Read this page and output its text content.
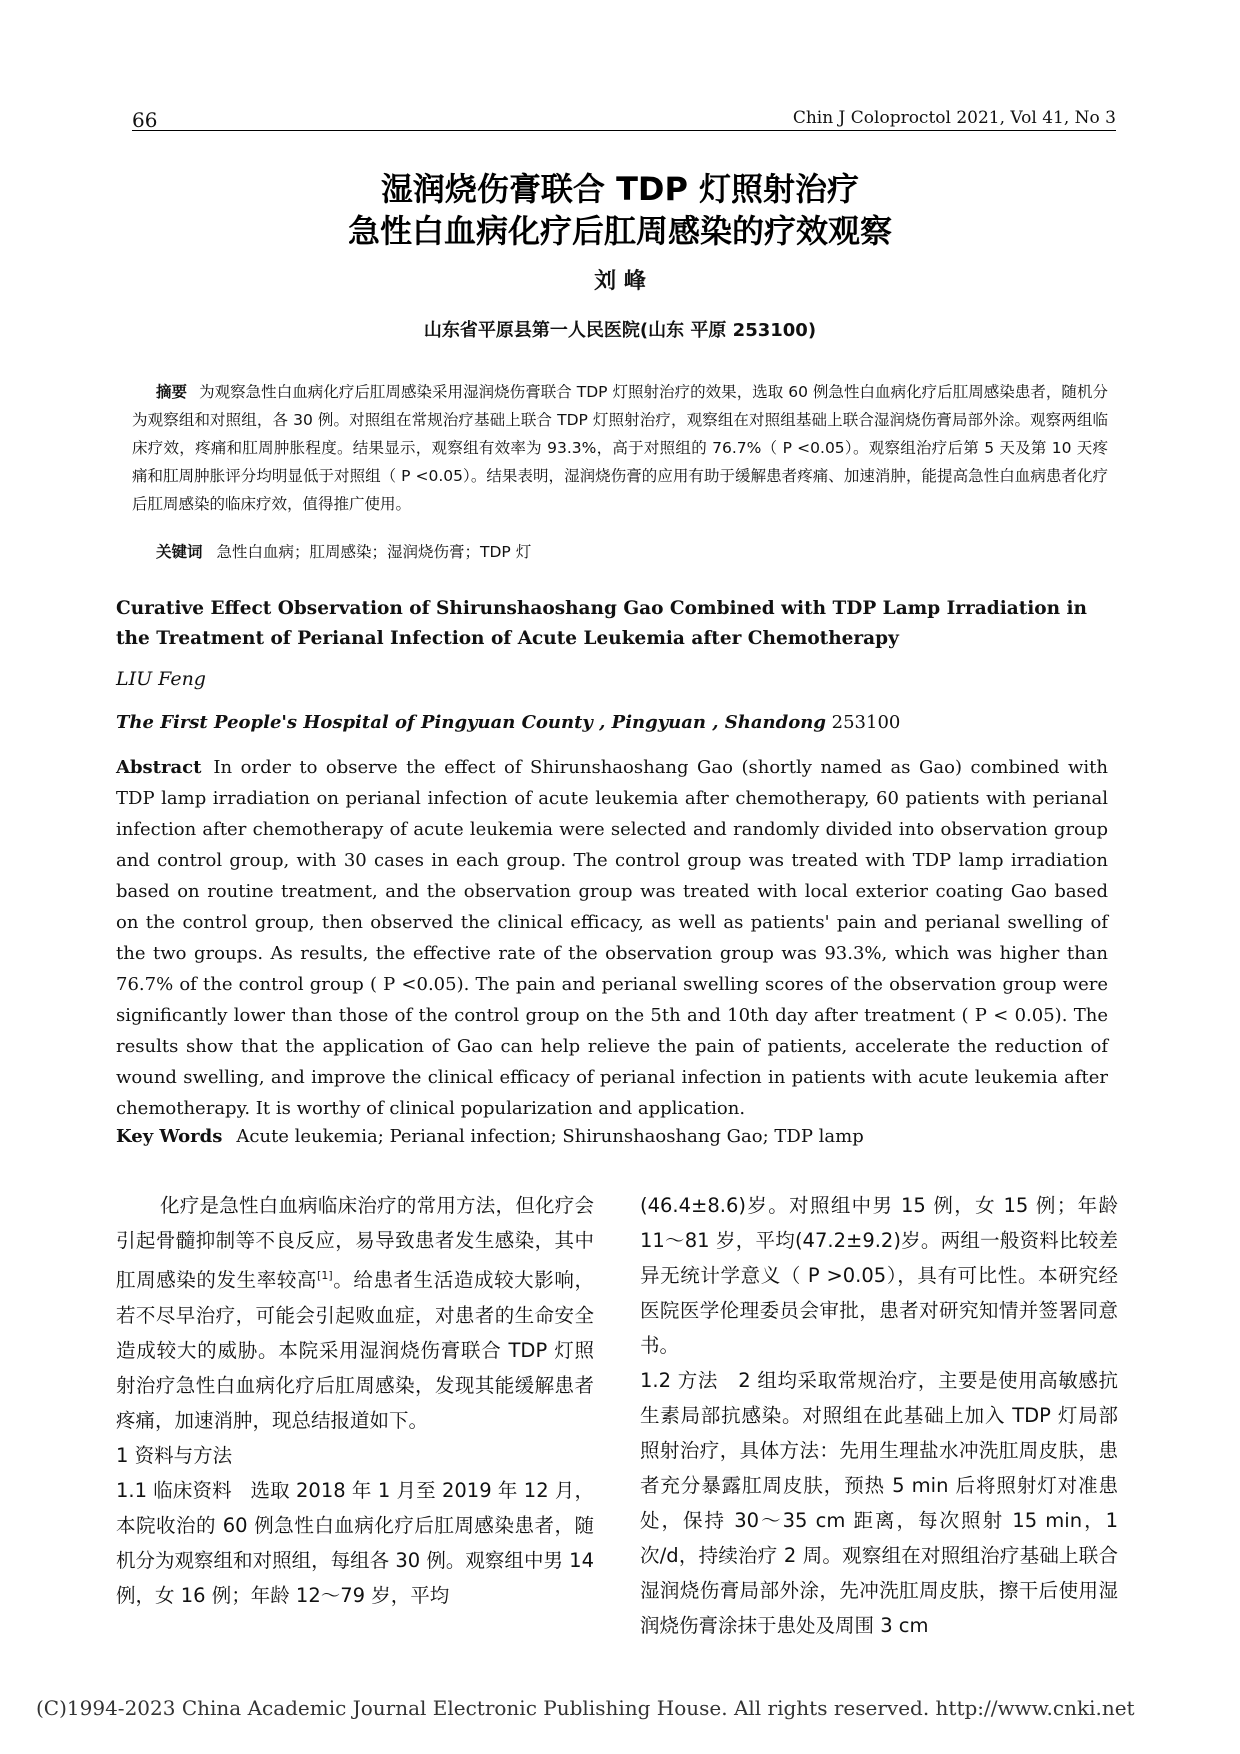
66	Chin J Coloproctol 2021, Vol 41, No 3
湿润烧伤膏联合 TDP 灯照射治疗
急性白血病化疗后肛周感染的疗效观察
刘 峰
山东省平原县第一人民医院(山东 平原 253100)
摘要 为观察急性白血病化疗后肛周感染采用湿润烧伤膏联合 TDP 灯照射治疗的效果，选取 60 例急性白血病化疗后肛周感染患者，随机分为观察组和对照组，各 30 例。对照组在常规治疗基础上联合 TDP 灯照射治疗，观察组在对照组基础上联合湿润烧伤膏局部外涂。观察两组临床疗效，疼痛和肛周肿胀程度。结果显示，观察组有效率为 93.3%，高于对照组的 76.7%（ P <0.05）。观察组治疗后第 5 天及第 10 天疼痛和肛周肿胀评分均明显低于对照组（ P <0.05）。结果表明，湿润烧伤膏的应用有助于缓解患者疼痛、加速消肿，能提高急性白血病患者化疗后肛周感染的临床疗效，值得推广使用。
关键词 急性白血病；肛周感染；湿润烧伤膏；TDP 灯
Curative Effect Observation of Shirunshaoshang Gao Combined with TDP Lamp Irradiation in the Treatment of Perianal Infection of Acute Leukemia after Chemotherapy
LIU Feng
The First People's Hospital of Pingyuan County , Pingyuan , Shandong 253100
Abstract In order to observe the effect of Shirunshaoshang Gao (shortly named as Gao) combined with TDP lamp irradiation on perianal infection of acute leukemia after chemotherapy, 60 patients with perianal infection after chemotherapy of acute leukemia were selected and randomly divided into observation group and control group, with 30 cases in each group. The control group was treated with TDP lamp irradiation based on routine treatment, and the observation group was treated with local exterior coating Gao based on the control group, then observed the clinical efficacy, as well as patients' pain and perianal swelling of the two groups. As results, the effective rate of the observation group was 93.3%, which was higher than 76.7% of the control group ( P <0.05). The pain and perianal swelling scores of the observation group were significantly lower than those of the control group on the 5th and 10th day after treatment ( P < 0.05). The results show that the application of Gao can help relieve the pain of patients, accelerate the reduction of wound swelling, and improve the clinical efficacy of perianal infection in patients with acute leukemia after chemotherapy. It is worthy of clinical popularization and application.
Key Words Acute leukemia; Perianal infection; Shirunshaoshang Gao; TDP lamp

化疗是急性白血病临床治疗的常用方法，但化疗会引起骨髓抑制等不良反应，易导致患者发生感染，其中肛周感染的发生率较高[1]。给患者生活造成较大影响，若不尽早治疗，可能会引起败血症，对患者的生命安全造成较大的威胁。本院采用湿润烧伤膏联合 TDP 灯照射治疗急性白血病化疗后肛周感染，发现其能缓解患者疼痛，加速消肿，现总结报道如下。

1 资料与方法

1.1 临床资料 选取 2018 年 1 月至 2019 年 12 月，本院收治的 60 例急性白血病化疗后肛周感染患者，随机分为观察组和对照组，每组各 30 例。观察组中男 14 例，女 16 例；年龄 12～79 岁，平均

(46.4±8.6)岁。对照组中男 15 例，女 15 例；年龄 11～81 岁，平均(47.2±9.2)岁。两组一般资料比较差异无统计学意义（ P >0.05），具有可比性。本研究经医院医学伦理委员会审批，患者对研究知情并签署同意书。

1.2 方法 2 组均采取常规治疗，主要是使用高敏感抗生素局部抗感染。对照组在此基础上加入 TDP 灯局部照射治疗，具体方法：先用生理盐水冲洗肛周皮肤，患者充分暴露肛周皮肤，预热 5 min 后将照射灯对准患处，保持 30～35 cm 距离，每次照射 15 min，1 次/d，持续治疗 2 周。观察组在对照组治疗基础上联合湿润烧伤膏局部外涂，先冲洗肛周皮肤，擦干后使用湿润烧伤膏涂抹于患处及周围 3 cm

(C)1994-2023 China Academic Journal Electronic Publishing House. All rights reserved. http://www.cnki.net
